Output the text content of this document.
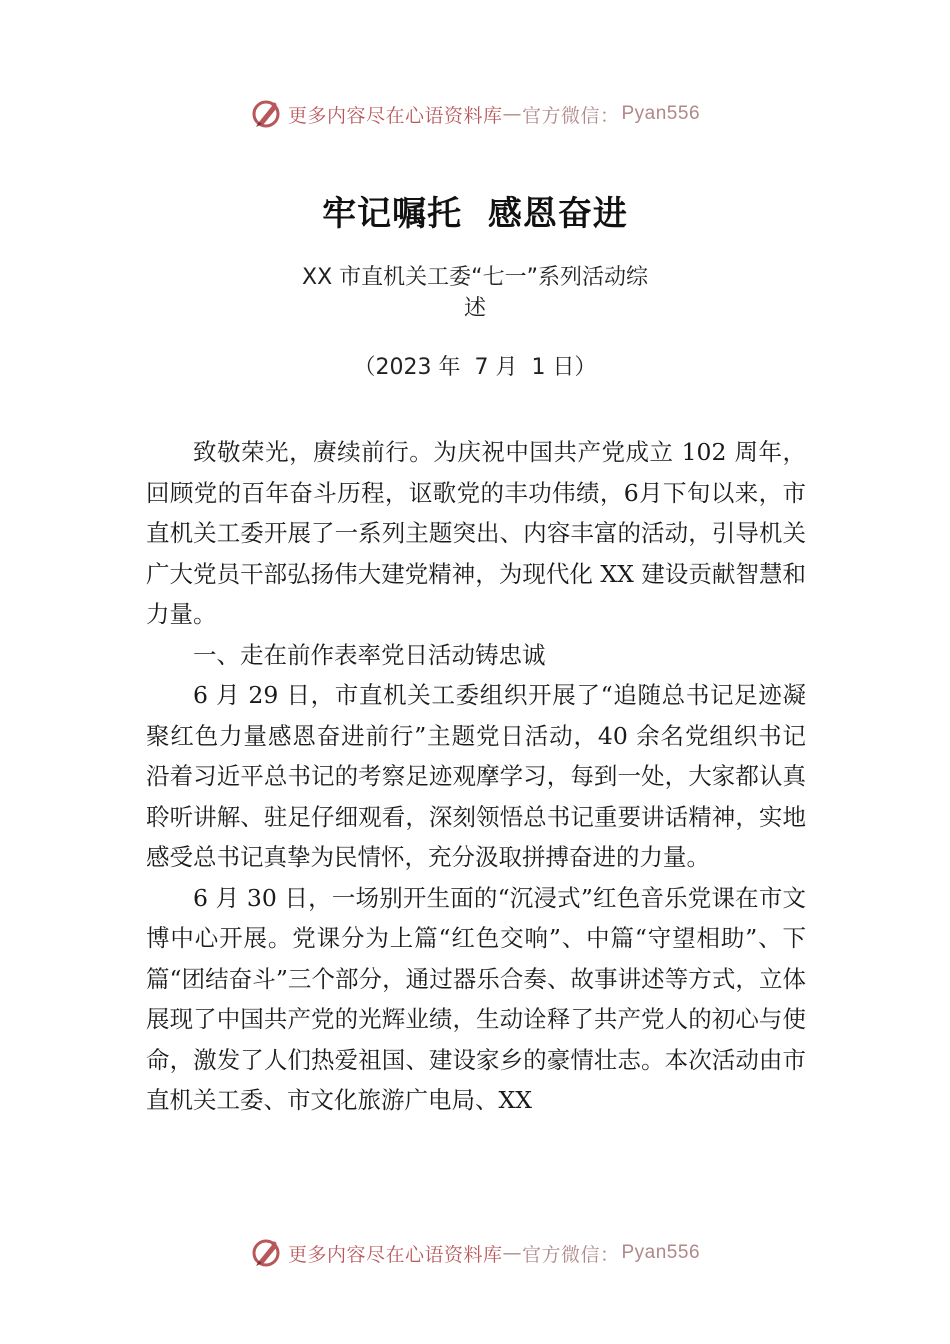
更多内容尽在心语资料库 — 官方微信： Pyan556
牢记嘱托  感恩奋进
XX 市直机关工委“七一”系列活动综
述
（2023 年  7 月  1 日）

致敬荣光，赓续前行。为庆祝中国共产党成立 102 周年，回顾党的百年奋斗历程，讴歌党的丰功伟绩，6月下旬以来，市直机关工委开展了一系列主题突出、内容丰富的活动，引导机关广大党员干部弘扬伟大建党精神，为现代化 XX 建设贡献智慧和力量。

一、走在前作表率党日活动铸忠诚

6 月 29 日，市直机关工委组织开展了“追随总书记足迹凝聚红色力量感恩奋进前行”主题党日活动，40 余名党组织书记沿着习近平总书记的考察足迹观摩学习，每到一处，大家都认真聆听讲解、驻足仔细观看，深刻领悟总书记重要讲话精神，实地感受总书记真挚为民情怀，充分汲取拼搏奋进的力量。

6 月 30 日，一场别开生面的“沉浸式”红色音乐党课在市文博中心开展。党课分为上篇“红色交响”、中篇“守望相助”、下篇“团结奋斗”三个部分，通过器乐合奏、故事讲述等方式，立体展现了中国共产党的光辉业绩，生动诠释了共产党人的初心与使命，激发了人们热爱祖国、建设家乡的豪情壮志。本次活动由市直机关工委、市文化旅游广电局、XX

更多内容尽在心语资料库 — 官方微信： Pyan556
